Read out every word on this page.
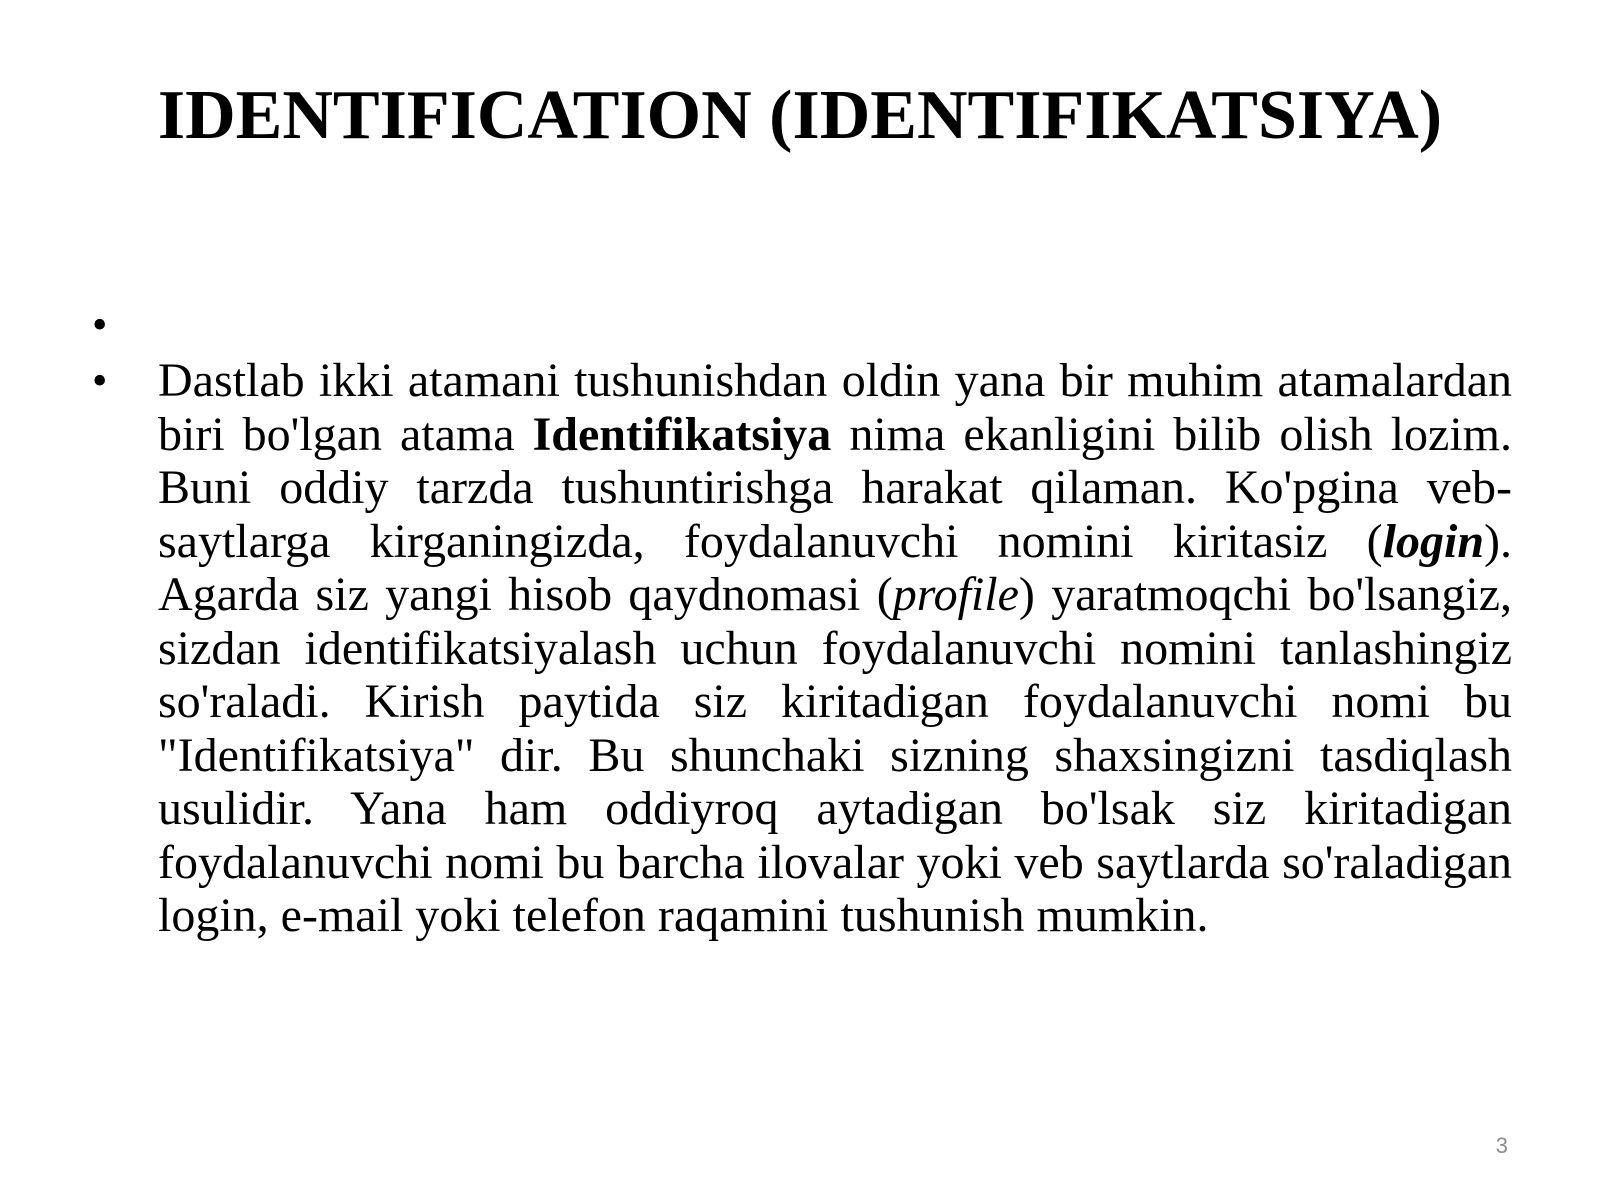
IDENTIFICATION (IDENTIFIKATSIYA)
•
• Dastlab ikki atamani tushunishdan oldin yana bir muhim atamalardan biri bo'lgan atama Identifikatsiya nima ekanligini bilib olish lozim. Buni oddiy tarzda tushuntirishga harakat qilaman. Ko'pgina veb-saytlarga kirganingizda, foydalanuvchi nomini kiritasiz (login). Agarda siz yangi hisob qaydnomasi (profile) yaratmoqchi bo'lsangiz, sizdan identifikatsiyalash uchun foydalanuvchi nomini tanlashingiz so'raladi. Kirish paytida siz kiritadigan foydalanuvchi nomi bu "Identifikatsiya" dir. Bu shunchaki sizning shaxsingizni tasdiqlash usulidir. Yana ham oddiyroq aytadigan bo'lsak siz kiritadigan foydalanuvchi nomi bu barcha ilovalar yoki veb saytlarda so'raladigan login, e-mail yoki telefon raqamini tushunish mumkin.
3
